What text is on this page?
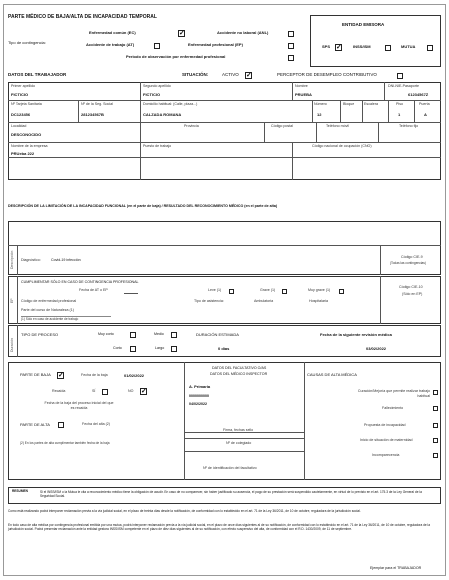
PARTE MÉDICO DE BAJA/ALTA DE INCAPACIDAD TEMPORAL
Tipo de contingencia:
Enfermedad común (EC)	✓	Accidente no laboral (ANL)
Accidente de trabajo (AT)	Enfermedad profesional (EP)
Periodo de observación por enfermedad profesional
ENTIDAD EMISORA
SPS ✓	INSS/ISM	MUTUA
DATOS DEL TRABAJADOR	SITUACIÓN:	ACTIVO ✓	PERCEPTOR DE DESEMPLEO CONTRIBUTIVO
Primer apellido
FICTICIO
Segundo apellido
FICTICIO
Nombre
PRUEBA
DNI-NIE-Pasaporte
61234567Z
Nº Tarjeta Sanitaria
DC123456
Nº de la Seg. Social
281234567B
Domicilio habitual: (Calle, plaza...)
CALZADA ROMANA
Número
12
Bloque	Escalera	Piso
1
Puerta
A
Localidad
DESCONOCIDO
Provincia	Código postal	Teléfono móvil	Teléfono fijo
Nombre de la empresa
PRUeba 222
Puesto de trabajo	Código nacional de ocupación (CNO)
DESCRIPCIÓN DE LA LIMITACIÓN DE LA INCAPACIDAD FUNCIONAL (en el parte de baja) / RESULTADO DEL RECONOCIMIENTO MÉDICO (en el parte de alta)
Descripción Diagnóstico:	Covid-19 infección
Código CIE-9
(Todas las contingencias)
EP
CUMPLIMENTAR SÓLO EN CASO DE CONTINGENCIA PROFESIONAL
Fecha de AT o EP	Leve (1)	Grave (1)	Muy grave (1)
Código CIE-10
(Sólo en EP)
Código de enfermedad profesional	Tipo de asistencia:	Ambulatoria	Hospitalaria
Parte del curso de Naturaleza (1)
(1) Sólo en caso de accidente de trabajo
Duración
TIPO DE PROCESO	Muy corto	Medio
Corto	Largo
DURACIÓN ESTIMADA
0 días
Fecha de la siguiente revisión médica
03/02/2022
PARTE DE BAJA ✓	Fecha de la baja	01/02/2022
Recaída	SÍ	NO ✓
Fecha de la baja del proceso inicial del que es recaída
PARTE DE ALTA	Fecha del alta (2)
(2) En los partes de alta cumplimentar también fecha de la baja
DATOS DEL FACULTATIVO O/AS
DATOS DEL MÉDICO INSPECTOR
A. Primaria
0000000000
04/02/2022
Firma, fechas sello
Nº de colegiado
Nº de identificación del facultativo
CAUSAS DE ALTA MÉDICA
Curación/Mejoría que permite realizar trabajo habitual
Fallecimiento
Propuesta de incapacidad
Inicio de situación de maternidad
Incomparecencia
RESUMEN	Si el INSS/ISM o la Mutua le cita a reconocimiento médico tiene la obligación de acudir. En caso de no comparecer, sin haber justificado su ausencia, el pago de su prestación será suspendido cautelarmente, en virtud de lo previsto en el art. 175.3 de la Ley General de la Seguridad Social.
Como está realizando podrá interponer reclamación previa a la vía judicial social, en el plazo de treinta días desde la notificación, de conformidad con lo establecido en el art. 71 de la Ley 36/2011, de 10 de octubre, reguladora de la jurisdicción social.
En todo caso de alta médica por contingencia profesional emitida por una mutua, podrá interponer reclamación previa a la vía judicial social, en el plazo de once días siguientes al de su notificación, de conformidad con lo establecido en el art. 71 de la Ley 36/2011, de 10 de octubre, reguladora de la jurisdicción social. Podrá presentar reclamación ante la entidad gestora INSS/ISM competente en el plazo de diez días siguientes al de su notificación, con efecto suspensivo del alta, de conformidad con el R.D. 1430/2009, de 11 de septiembre.
Ejemplar para el TRABAJADOR
